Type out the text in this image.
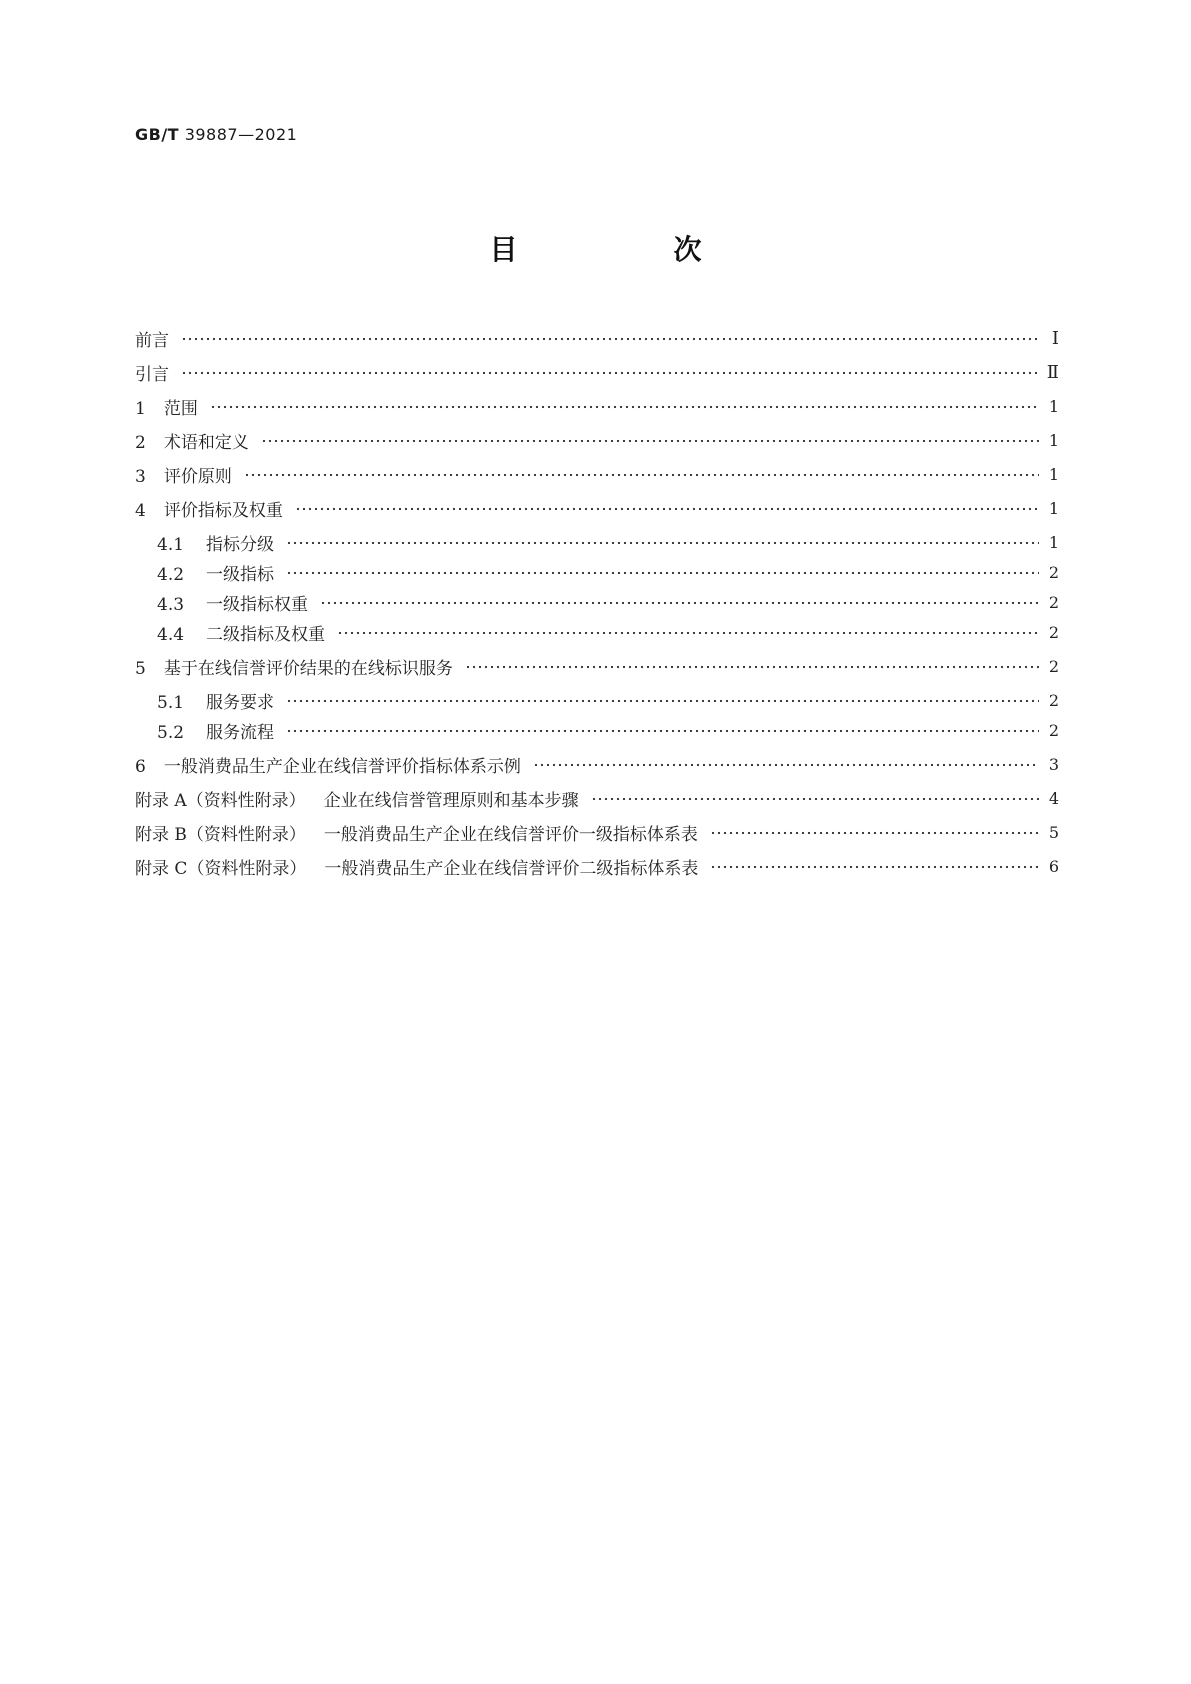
GB/T 39887—2021
目　次
前言	Ⅰ
引言	Ⅱ
1 范围	1
2 术语和定义	1
3 评价原则	1
4 评价指标及权重	1
4.1 指标分级	1
4.2 一级指标	2
4.3 一级指标权重	2
4.4 二级指标及权重	2
5 基于在线信誉评价结果的在线标识服务	2
5.1 服务要求	2
5.2 服务流程	2
6 一般消费品生产企业在线信誉评价指标体系示例	3
附录 A（资料性附录） 企业在线信誉管理原则和基本步骤	4
附录 B（资料性附录） 一般消费品生产企业在线信誉评价一级指标体系表	5
附录 C（资料性附录） 一般消费品生产企业在线信誉评价二级指标体系表	6
